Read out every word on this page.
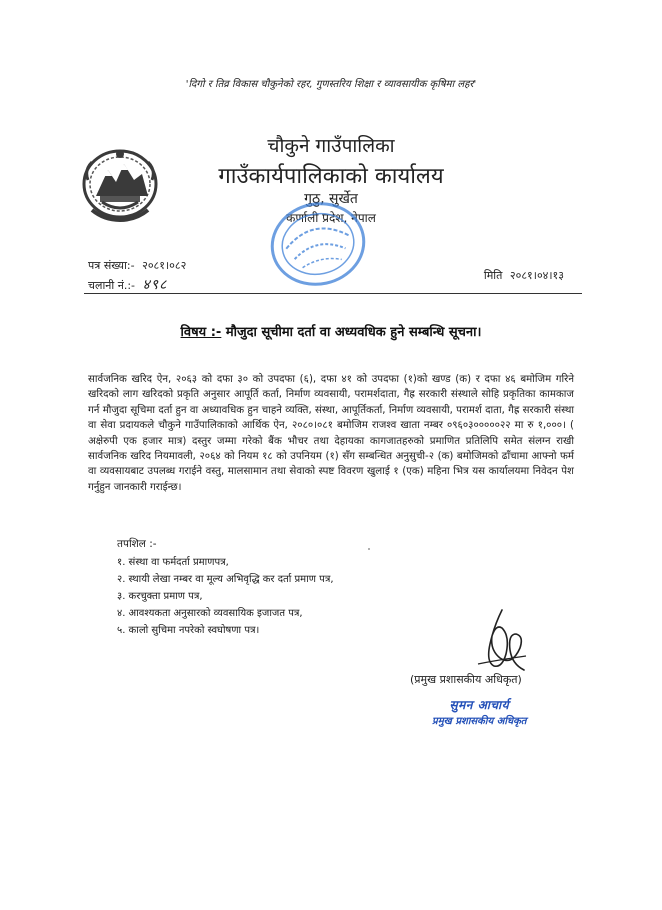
'दिगो र तिव्र विकास चौकुनेको रहर, गुणस्तरिय शिक्षा र व्यावसायीक कृषिमा लहर'
चौकुने गाउँपालिका
गाउँकार्यपालिकाको कार्यालय
गुठु, सुर्खेत
कर्णाली प्रदेश, नेपाल
पत्र संख्या:- २०८१।०८२
चलानी नं.:- ४९८
मिति २०८१।०४।१३
विषय :- मौजुदा सूचीमा दर्ता वा अध्यवधिक हुने सम्बन्धि सूचना।
सार्वजनिक खरिद ऐन, २०६३ को दफा ३० को उपदफा (६), दफा ४१ को उपदफा (१)को खण्ड (क) र दफा ४६ बमोजिम गरिने खरिदको लाग खरिदको प्रकृति अनुसार आपूर्ति कर्ता, निर्माण व्यवसायी, परामर्शदाता, गैह्र सरकारी संस्थाले सोहि प्रकृतिका कामकाज गर्न मौजुदा सूचिमा दर्ता हुन वा अध्यावधिक हुन चाहने व्यक्ति, संस्था, आपूर्तिकर्ता, निर्माण व्यवसायी, परामर्श दाता, गैह्र सरकारी संस्था वा सेवा प्रदायकले चौकुने गाउँपालिकाको आर्थिक ऐन, २०८०।०८१ बमोजिम राजश्व खाता नम्बर ०९६०३०००००२२ मा रु १,०००। ( अक्षेरुपी एक हजार मात्र) दस्तुर जम्मा गरेको बैंक भौचर तथा देहायका कागजातहरुको प्रमाणित प्रतिलिपि समेत संलग्न राखी सार्वजनिक खरिद नियमावली, २०६४ को नियम १८ को उपनियम (१) सँग सम्बन्धित अनुसुची-२ (क) बमोजिमको ढाँचामा आफ्नो फर्म वा व्यवसायबाट उपलब्ध गराईने वस्तु, मालसामान तथा सेवाको स्पष्ट विवरण खुलाई १ (एक) महिना भित्र यस कार्यालयमा निवेदन पेश गर्नुहुन जानकारी गराईन्छ।
तपशिल :-
१. संस्था वा फर्मदर्ता प्रमाणपत्र,
२. स्थायी लेखा नम्बर वा मूल्य अभिवृद्धि कर दर्ता प्रमाण पत्र,
३. करचुक्ता प्रमाण पत्र,
४. आवश्यकता अनुसारको व्यवसायिक इजाजत पत्र,
५. कालो सुचिमा नपरेको स्वघोषणा पत्र।
(प्रमुख प्रशासकीय अधिकृत)
सुमन आचार्य
प्रमुख प्रशासकीय अधिकृत
